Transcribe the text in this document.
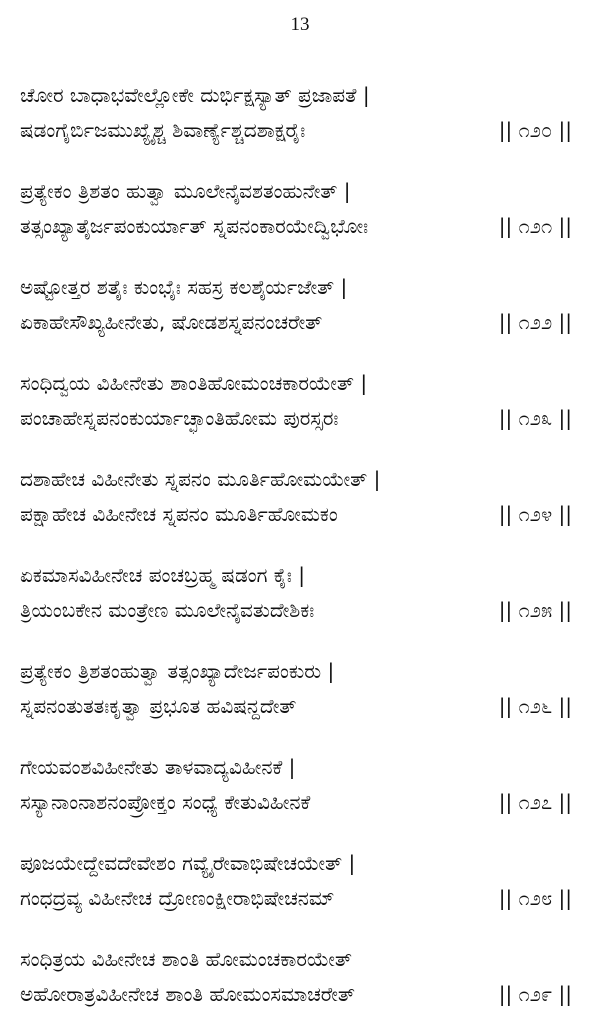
13
ಚೋರ ಬಾಧಾಭವೇಲ್ಲೋಕೇ ದುರ್ಭಿಕ್ಷಸ್ಯಾತ್ ಪ್ರಜಾಪತೆ |
ಷಡಂಗೈರ್ಬಿಜಮುಖ್ಯೈಶ್ಚ ಶಿವಾರ್ಣ್ಯೆಶ್ಚದಶಾಕ್ಷರೈಃ	|| ೧೨೦ ||
ಪ್ರತ್ಯೇಕಂ ತ್ರಿಶತಂ ಹುತ್ವಾ ಮೂಲೇನೈವಶತಂಹುನೇತ್ |
ತತ್ಸಂಖ್ಯಾತೈರ್ಜಪಂಕುರ್ಯಾತ್ ಸ್ನಪನಂಕಾರಯೇದ್ವಿಭೋಃ	|| ೧೨೧ ||
ಅಷ್ಟೋತ್ತರ ಶತೈಃ ಕುಂಭೈಃ ಸಹಸ್ರ ಕಲಶೈರ್ಯಜೇತ್ |
ಏಕಾಹೇಸೌಖ್ಯಹೀನೇತು, ಷೋಡಶಸ್ನಪನಂಚರೇತ್	|| ೧೨೨ ||
ಸಂಧಿದ್ವಯ ವಿಹೀನೇತು ಶಾಂತಿಹೋಮಂಚಕಾರಯೇತ್ |
ಪಂಚಾಹೇಸ್ನಪನಂಕುರ್ಯಾಚ್ಛಾಂತಿಹೋಮ ಪುರಸ್ಸರಃ	|| ೧೨೩ ||
ದಶಾಹೇಚ ವಿಹೀನೇತು ಸ್ನಪನಂ ಮೂರ್ತಿಹೋಮಯೇತ್ |
ಪಕ್ಷಾಹೇಚ ವಿಹೀನೇಚ ಸ್ನಪನಂ ಮೂರ್ತಿಹೋಮಕಂ	|| ೧೨೪ ||
ಏಕಮಾಸವಿಹೀನೇಚ ಪಂಚಬ್ರಹ್ಮ ಷಡಂಗ ಕೈಃ |
ತ್ರಿಯಂಬಕೇನ ಮಂತ್ರೇಣ ಮೂಲೇನೈವತುದೇಶಿಕಃ	|| ೧೨೫ ||
ಪ್ರತ್ಯೇಕಂ ತ್ರಿಶತಂಹುತ್ವಾ ತತ್ಸಂಖ್ಯಾದೇರ್ಜಪಂಕುರು |
ಸ್ನಪನಂತುತತಃಕೃತ್ವಾ ಪ್ರಭೂತ ಹವಿಷನ್ದದೇತ್	|| ೧೨೬ ||
ಗೇಯವಂಶವಿಹೀನೇತು ತಾಳವಾದ್ಯವಿಹೀನಕೆ |
ಸಸ್ಯಾನಾಂನಾಶನಂಪ್ರೋಕ್ತಂ ಸಂಧ್ಯೆ ಕೇತುವಿಹೀನಕೆ	|| ೧೨೭ ||
ಪೂಜಯೇದ್ದೇವದೇವೇಶಂ ಗವ್ಯೈರೇವಾಭಿಷೇಚಯೇತ್ |
ಗಂಧದ್ರವ್ಯ ವಿಹೀನೇಚ ದ್ರೋಣಂಕ್ಷೀರಾಭಿಷೇಚನಮ್	|| ೧೨೮ ||
ಸಂಧಿತ್ರಯ ವಿಹೀನೇಚ ಶಾಂತಿ ಹೋಮಂಚಕಾರಯೇತ್
ಅಹೋರಾತ್ರವಿಹೀನೇಚ ಶಾಂತಿ ಹೋಮಂಸಮಾಚರೇತ್	|| ೧೨೯ ||
